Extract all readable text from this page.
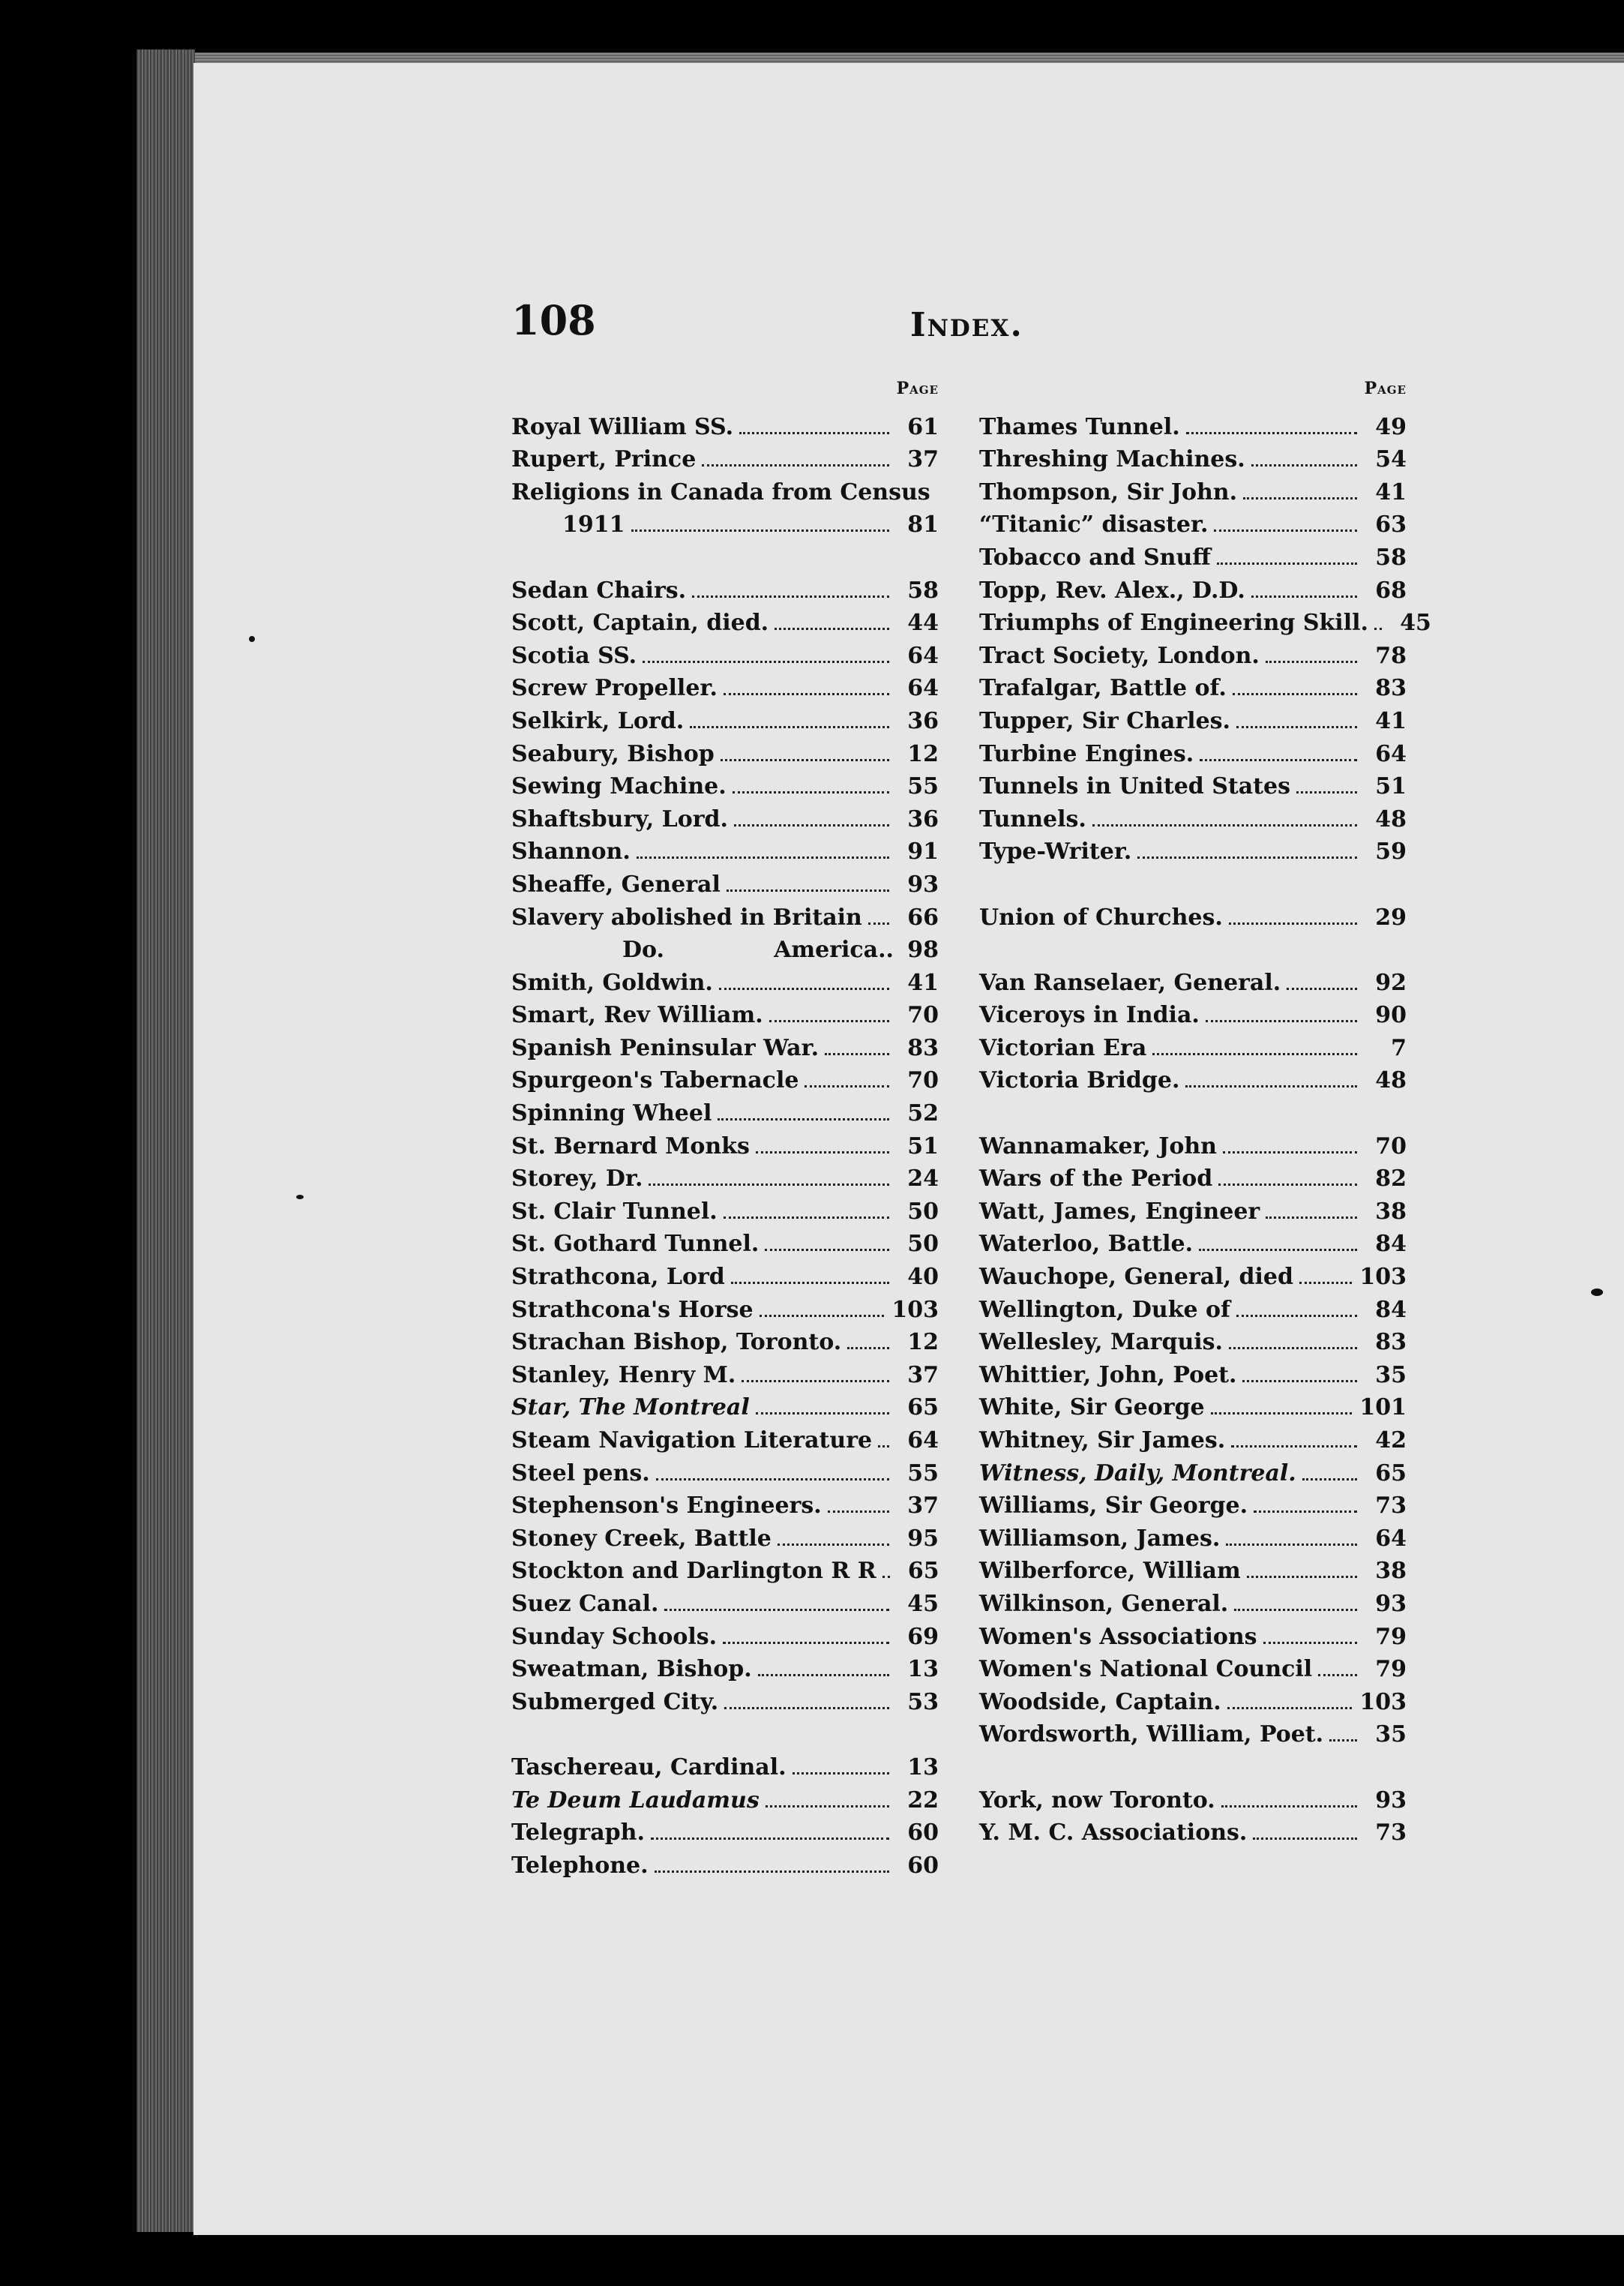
108	Index.
Page
Royal William SS.	61
Rupert, Prince	37
Religions in Canada from Census
1911	81
Sedan Chairs.	58
Scott, Captain, died.	44
Scotia SS.	64
Screw Propeller.	64
Selkirk, Lord.	36
Seabury, Bishop	12
Sewing Machine.	55
Shaftsbury, Lord.	36
Shannon.	91
Sheaffe, General	93
Slavery abolished in Britain	66
Do.	America.. 98
Smith, Goldwin.	41
Smart, Rev William.	70
Spanish Peninsular War.	83
Spurgeon's Tabernacle	70
Spinning Wheel	52
St. Bernard Monks	51
Storey, Dr.	24
St. Clair Tunnel.	50
St. Gothard Tunnel.	50
Strathcona, Lord	40
Strathcona's Horse	103
Strachan Bishop, Toronto.	12
Stanley, Henry M.	37
Star, The Montreal	65
Steam Navigation Literature	64
Steel pens.	55
Stephenson's Engineers.	37
Stoney Creek, Battle	95
Stockton and Darlington R R	65
Suez Canal.	45
Sunday Schools.	69
Sweatman, Bishop.	13
Submerged City.	53
Taschereau, Cardinal.	13
Te Deum Laudamus	22
Telegraph.	60
Telephone.	60
Page
Thames Tunnel.	49
Threshing Machines.	54
Thompson, Sir John.	41
“Titanic” disaster.	63
Tobacco and Snuff	58
Topp, Rev. Alex., D.D.	68
Triumphs of Engineering Skill.	45
Tract Society, London.	78
Trafalgar, Battle of.	83
Tupper, Sir Charles.	41
Turbine Engines.	64
Tunnels in United States	51
Tunnels.	48
Type-Writer.	59
Union of Churches.	29
Van Ranselaer, General.	92
Viceroys in India.	90
Victorian Era	7
Victoria Bridge.	48
Wannamaker, John	70
Wars of the Period	82
Watt, James, Engineer	38
Waterloo, Battle.	84
Wauchope, General, died	103
Wellington, Duke of	84
Wellesley, Marquis.	83
Whittier, John, Poet.	35
White, Sir George	101
Whitney, Sir James.	42
Witness, Daily, Montreal.	65
Williams, Sir George.	73
Williamson, James.	64
Wilberforce, William	38
Wilkinson, General.	93
Women's Associations	79
Women's National Council	79
Woodside, Captain.	103
Wordsworth, William, Poet.	35
York, now Toronto.	93
Y. M. C. Associations.	73
